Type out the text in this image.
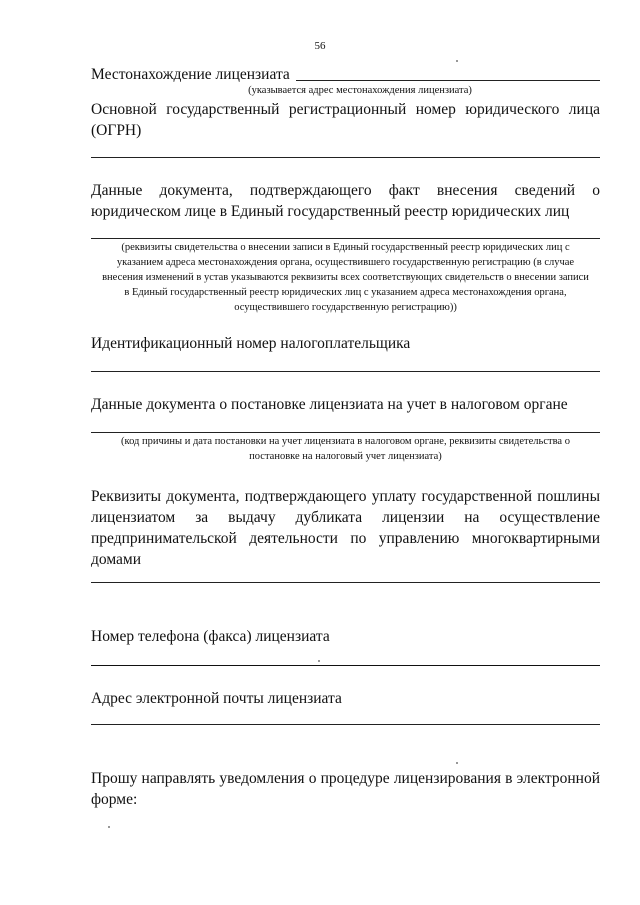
56
Местонахождение лицензиата
(указывается адрес местонахождения лицензиата)
Основной государственный регистрационный номер юридического лица
(ОГРН)
Данные документа, подтверждающего факт внесения сведений о
юридическом лице в Единый государственный реестр юридических лиц
(реквизиты свидетельства о внесении записи в Единый государственный реестр юридических лиц с
указанием адреса местонахождения органа, осуществившего государственную регистрацию (в случае
внесения изменений в устав указываются реквизиты всех соответствующих свидетельств о внесении записи
в Единый государственный реестр юридических лиц с указанием адреса местонахождения органа,
осуществившего государственную регистрацию))
Идентификационный номер налогоплательщика
Данные документа о постановке лицензиата на учет в налоговом органе
(код причины и дата постановки на учет лицензиата в налоговом органе, реквизиты свидетельства о
постановке на налоговый учет лицензиата)
Реквизиты документа, подтверждающего уплату государственной пошлины
лицензиатом за выдачу дубликата лицензии на осуществление
предпринимательской деятельности по управлению многоквартирными
домами
Номер телефона (факса) лицензиата
Адрес электронной почты лицензиата
Прошу направлять уведомления о процедуре лицензирования в электронной
форме:
